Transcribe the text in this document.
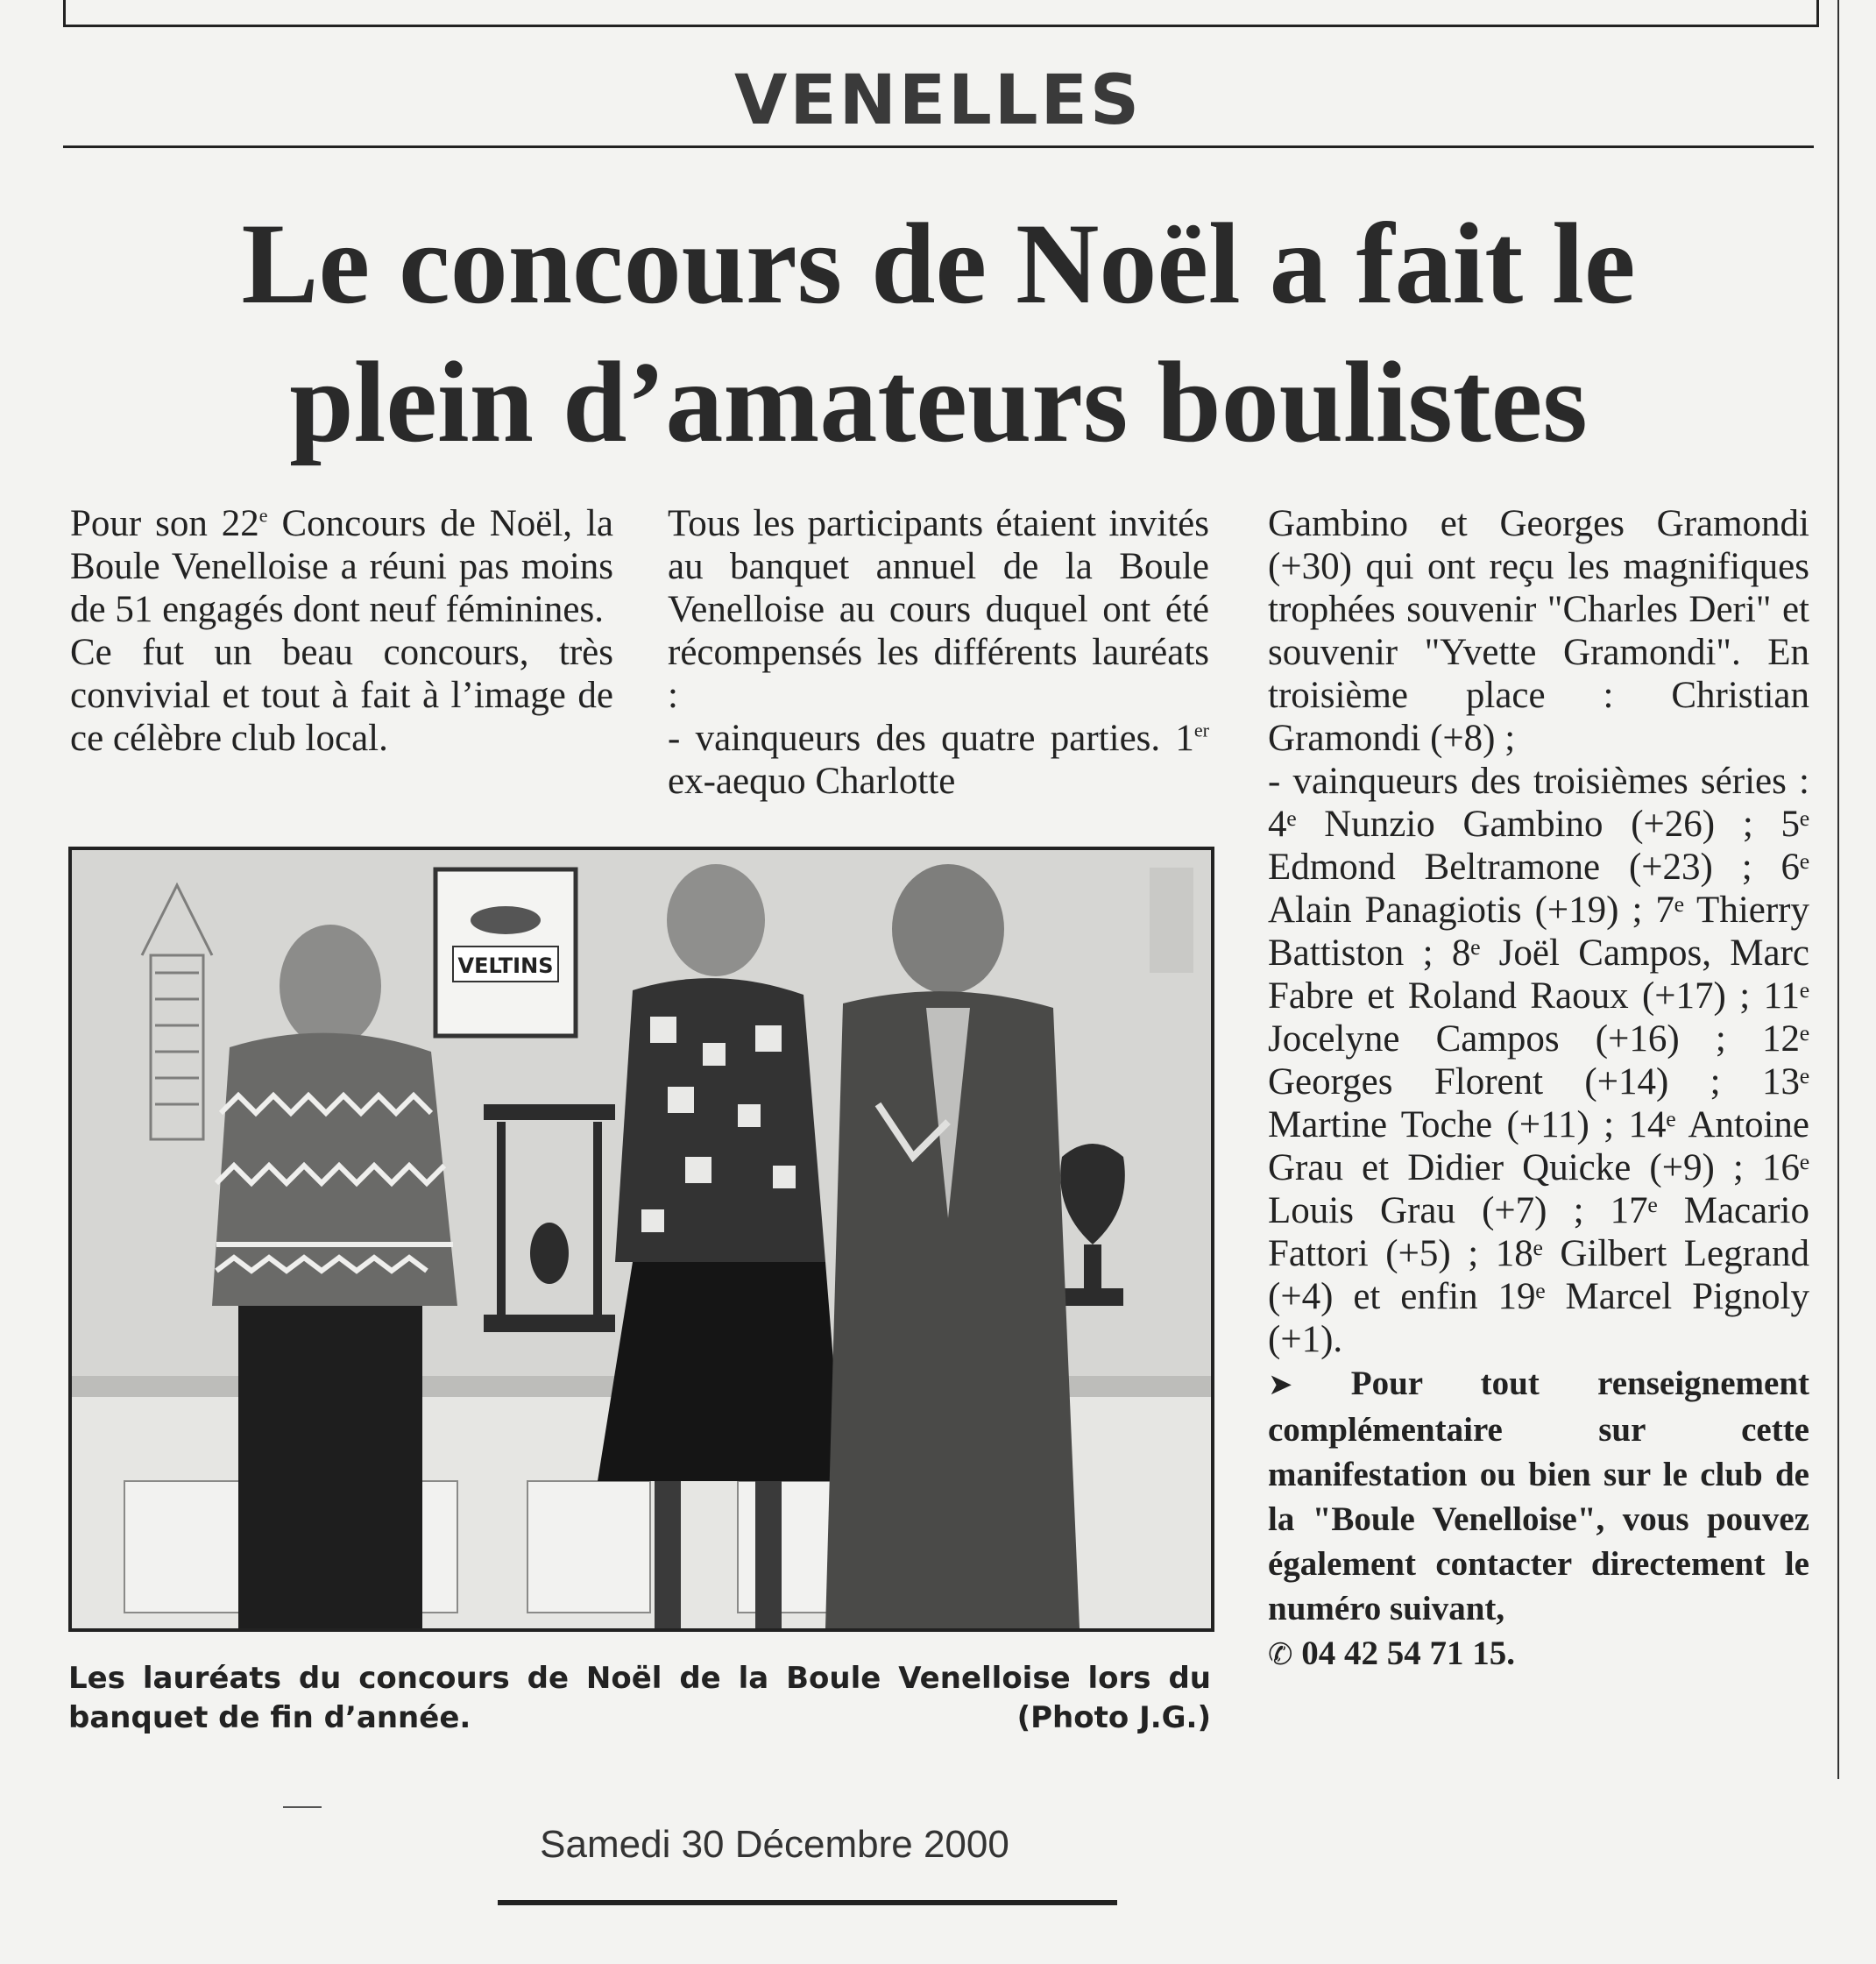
VENELLES
Le concours de Noël a fait le
plein d’amateurs boulistes

Pour son 22e Concours de Noël, la Boule Venelloise a réuni pas moins de 51 engagés dont neuf féminines.

Ce fut un beau concours, très convivial et tout à fait à l’image de ce célèbre club local.

Tous les participants étaient invités au banquet annuel de la Boule Venelloise au cours duquel ont été récompensés les différents lauréats :

- vainqueurs des quatre parties. 1er ex-aequo Charlotte

Gambino et Georges Gramondi (+30) qui ont reçu les magnifiques trophées souvenir "Charles Deri" et souvenir "Yvette Gramondi". En troisième place : Christian Gramondi (+8) ;

- vainqueurs des troisièmes séries : 4ᵉ Nunzio Gambino (+26) ; 5ᵉ Edmond Beltramone (+23) ; 6ᵉ Alain Panagiotis (+19) ; 7ᵉ Thierry Battiston ; 8ᵉ Joël Campos, Marc Fabre et Roland Raoux (+17) ; 11ᵉ Jocelyne Campos (+16) ; 12ᵉ Georges Florent (+14) ; 13ᵉ Martine Toche (+11) ; 14ᵉ Antoine Grau et Didier Quicke (+9) ; 16ᵉ Louis Grau (+7) ; 17ᵉ Macario Fattori (+5) ; 18ᵉ Gilbert Legrand (+4) et enfin 19ᵉ Marcel Pignoly (+1).

➤ Pour tout renseignement complémentaire sur cette manifestation ou bien sur le club de la "Boule Venelloise", vous pouvez également contacter directement le numéro suivant,
✆ 04 42 54 71 15.

VELTINS
Les lauréats du concours de Noël de la Boule Venelloise lors du banquet de fin d’année.	(Photo J.G.)
Samedi 30 Décembre 2000
